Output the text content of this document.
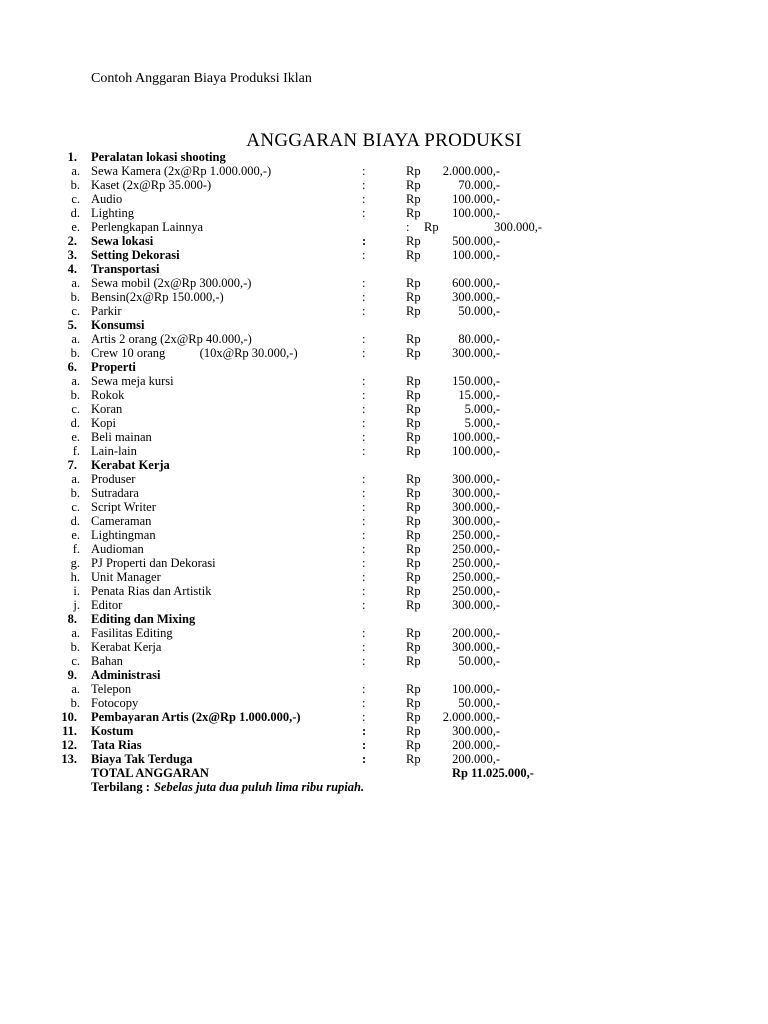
Contoh Anggaran Biaya Produksi Iklan
ANGGARAN BIAYA PRODUKSI
1. Peralatan lokasi shooting
a. Sewa Kamera (2x@Rp 1.000.000,-)	:	Rp 2.000.000,-
b. Kaset (2x@Rp 35.000-)	:	Rp	70.000,-
c. Audio	:	Rp	100.000,-
d. Lighting	:	Rp	100.000,-
e. Perlengkapan Lainnya	: Rp	300.000,-
2. Sewa lokasi	:	Rp	500.000,-
3. Setting Dekorasi	:	Rp	100.000,-
4. Transportasi
a. Sewa mobil (2x@Rp 300.000,-)	:	Rp	600.000,-
b. Bensin(2x@Rp 150.000,-)	:	Rp	300.000,-
c. Parkir	:	Rp	50.000,-
5. Konsumsi
a. Artis 2 orang (2x@Rp 40.000,-)	:	Rp	80.000,-
b. Crew 10 orang           (10x@Rp 30.000,-)	:	Rp	300.000,-
6. Properti
a. Sewa meja kursi	:	Rp	150.000,-
b. Rokok	:	Rp	15.000,-
c. Koran	:	Rp	5.000,-
d. Kopi	:	Rp	5.000,-
e. Beli mainan	:	Rp	100.000,-
f. Lain-lain	:	Rp	100.000,-
7. Kerabat Kerja
a. Produser	:	Rp	300.000,-
b. Sutradara	:	Rp	300.000,-
c. Script Writer	:	Rp	300.000,-
d. Cameraman	:	Rp	300.000,-
e. Lightingman	:	Rp	250.000,-
f. Audioman	:	Rp	250.000,-
g. PJ Properti dan Dekorasi	:	Rp	250.000,-
h. Unit Manager	:	Rp	250.000,-
i. Penata Rias dan Artistik	:	Rp	250.000,-
j. Editor	:	Rp	300.000,-
8. Editing dan Mixing
a. Fasilitas Editing	:	Rp	200.000,-
b. Kerabat Kerja	:	Rp	300.000,-
c. Bahan	:	Rp	50.000,-
9. Administrasi
a. Telepon	:	Rp	100.000,-
b. Fotocopy	:	Rp	50.000,-
10. Pembayaran Artis (2x@Rp 1.000.000,-)	:	Rp 2.000.000,-
11. Kostum	:	Rp	300.000,-
12. Tata Rias	:	Rp	200.000,-
13. Biaya Tak Terduga	:	Rp	200.000,-
TOTAL ANGGARAN	Rp 11.025.000,-
Terbilang : Sebelas juta dua puluh lima ribu rupiah.
